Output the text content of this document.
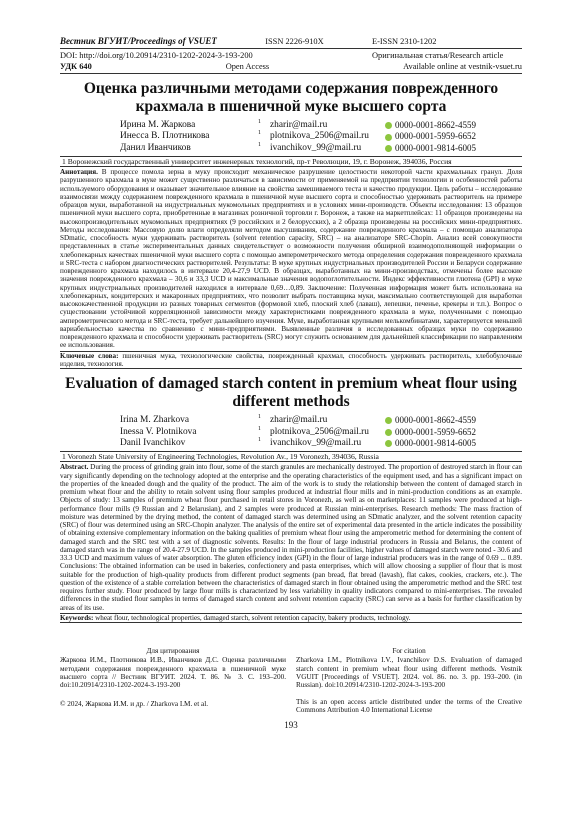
Вестник ВГУИТ/Proceedings of VSUET	ISSN 2226-910X	E-ISSN 2310-1202
DOI: http://doi.org/10.20914/2310-1202-2024-3-193-200	Оригинальная статья/Research article
УДК 640	Open Access	Available online at vestnik-vsuet.ru
Оценка различными методами содержания поврежденного крахмала в пшеничной муке высшего сорта
Ирина М. Жаркова	1 zharir@mail.ru	0000-0001-8662-4559
Инесса В. Плотникова	1 plotnikova_2506@mail.ru	0000-0001-5959-6652
Данил Иванчиков	1 ivanchikov_99@mail.ru	0000-0001-9814-6005
1 Воронежский государственный университет инженерных технологий, пр-т Революции, 19, г. Воронеж, 394036, Россия
Аннотация. В процессе помола зерна в муку происходит механическое разрушение целостности некоторой части крахмальных гранул. Доля разрушенного крахмала в муке может существенно различаться в зависимости от применяемой на предприятии технологии и особенностей работы используемого оборудования и оказывает значительное влияние на свойства замешиваемого теста и качество продукции. Цель работы – исследование взаимосвязи между содержанием поврежденного крахмала в пшеничной муке высшего сорта и способностью удерживать растворитель на примере образцов муки, выработанной на индустриальных мукомольных предприятиях и в условиях мини-производств. Объекты исследования: 13 образцов пшеничной муки высшего сорта, приобретенные в магазинах розничной торговли г. Воронеж, а также на маркетплейсах: 11 образцов произведены на высокопроизводительных мукомольных предприятиях (9 российских и 2 белорусских), а 2 образца произведены на российских мини-предприятиях. Методы исследования: Массовую долю влаги определяли методом высушивания, содержание поврежденного крахмала – с помощью анализатора SDmatic, способность муки удерживать растворитель (solvent retention capacity, SRC) – на анализаторе SRC-Chopin. Анализ всей совокупности представленных в статье экспериментальных данных свидетельствует о возможности получения обширной взаимодополняющей информации о хлебопекарных качествах пшеничной муки высшего сорта с помощью амперометрического метода определения содержания поврежденного крахмала и SRC-теста с набором диагностических растворителей. Результаты: В муке крупных индустриальных производителей России и Беларуси содержание поврежденного крахмала находилось в интервале 20,4-27,9 UCD. В образцах, выработанных на мини-производствах, отмечены более высокие значения поврежденного крахмала – 30,6 и 33,3 UCD и максимальные значения водопоглотительности. Индекс эффективности глютена (GPI) в муке крупных индустриальных производителей находился в интервале 0,69…0,89. Заключение: Полученная информация может быть использована на хлебопекарных, кондитерских и макаронных предприятиях, что позволит выбрать поставщика муки, максимально соответствующей для выработки высококачественной продукции из разных товарных сегментов (формовой хлеб, плоский хлеб (лаваш), лепешки, печенье, крекеры и т.п.). Вопрос о существовании устойчивой корреляционной зависимости между характеристиками поврежденного крахмала в муке, полученными с помощью амперометрического метода и SRC-теста, требует дальнейшего изучения. Муке, выработанная крупными мелькомбинатами, характеризуется меньшей вариабельностью качества по сравнению с мини-предприятиями. Выявленные различия в исследованных образцах муки по содержанию поврежденного крахмала и способности удерживать растворитель (SRC) могут служить основанием для дальнейшей классификации по направлениям ее использования.
Ключевые слова: пшеничная мука, технологические свойства, поврежденный крахмал, способность удерживать растворитель, хлебобулочные изделия, технология.
Evaluation of damaged starch content in premium wheat flour using different methods
Irina M. Zharkova	1 zharir@mail.ru	0000-0001-8662-4559
Inessa V. Plotnikova	1 plotnikova_2506@mail.ru	0000-0001-5959-6652
Danil Ivanchikov	1 ivanchikov_99@mail.ru	0000-0001-9814-6005
1 Voronezh State University of Engineering Technologies, Revolution Av., 19 Voronezh, 394036, Russia
Abstract. During the process of grinding grain into flour, some of the starch granules are mechanically destroyed. The proportion of destroyed starch in flour can vary significantly depending on the technology adopted at the enterprise and the operating characteristics of the equipment used, and has a significant impact on the properties of the kneaded dough and the quality of the product. The aim of the work is to study the relationship between the content of damaged starch in premium wheat flour and the ability to retain solvent using flour samples produced at industrial flour mills and in mini-production conditions as an example. Objects of study: 13 samples of premium wheat flour purchased in retail stores in Voronezh, as well as on marketplaces: 11 samples were produced at high-performance flour mills (9 Russian and 2 Belarusian), and 2 samples were produced at Russian mini-enterprises. Research methods: The mass fraction of moisture was determined by the drying method, the content of damaged starch was determined using an SDmatic analyzer, and the solvent retention capacity (SRC) of flour was determined using an SRC-Chopin analyzer. The analysis of the entire set of experimental data presented in the article indicates the possibility of obtaining extensive complementary information on the baking qualities of premium wheat flour using the amperometric method for determining the content of damaged starch and the SRC test with a set of diagnostic solvents. Results: In the flour of large industrial producers in Russia and Belarus, the content of damaged starch was in the range of 20.4-27.9 UCD. In the samples produced in mini-production facilities, higher values of damaged starch were noted - 30.6 and 33.3 UCD and maximum values of water absorption. The gluten efficiency index (GPI) in the flour of large industrial producers was in the range of 0.69 ... 0.89. Conclusions: The obtained information can be used in bakeries, confectionery and pasta enterprises, which will allow choosing a supplier of flour that is most suitable for the production of high-quality products from different product segments (pan bread, flat bread (lavash), flat cakes, cookies, crackers, etc.). The question of the existence of a stable correlation between the characteristics of damaged starch in flour obtained using the amperometric method and the SRC test requires further study. Flour produced by large flour mills is characterized by less variability in quality indicators compared to mini-enterprises. The revealed differences in the studied flour samples in terms of damaged starch content and solvent retention capacity (SRC) can serve as a basis for further classification by areas of its use.
Keywords: wheat flour, technological properties, damaged starch, solvent retention capacity, bakery products, technology.
Для цитирования
Жаркова И.М., Плотникова И.В., Иванчиков Д.С. Оценка различными методами содержания поврежденного крахмала в пшеничной муке высшего сорта // Вестник ВГУИТ. 2024. Т. 86. № 3. С. 193–200. doi:10.20914/2310-1202-2024-3-193-200
For citation
Zharkova I.M., Plotnikova I.V., Ivanchikov D.S. Evaluation of damaged starch content in premium wheat flour using different methods. Vestnik VGUIT [Proceedings of VSUET]. 2024. vol. 86. no. 3. pp. 193–200. (in Russian). doi:10.20914/2310-1202-2024-3-193-200
© 2024, Жаркова И.М. и др. / Zharkova I.M. et al.	This is an open access article distributed under the terms of the Creative Commons Attribution 4.0 International License
193
